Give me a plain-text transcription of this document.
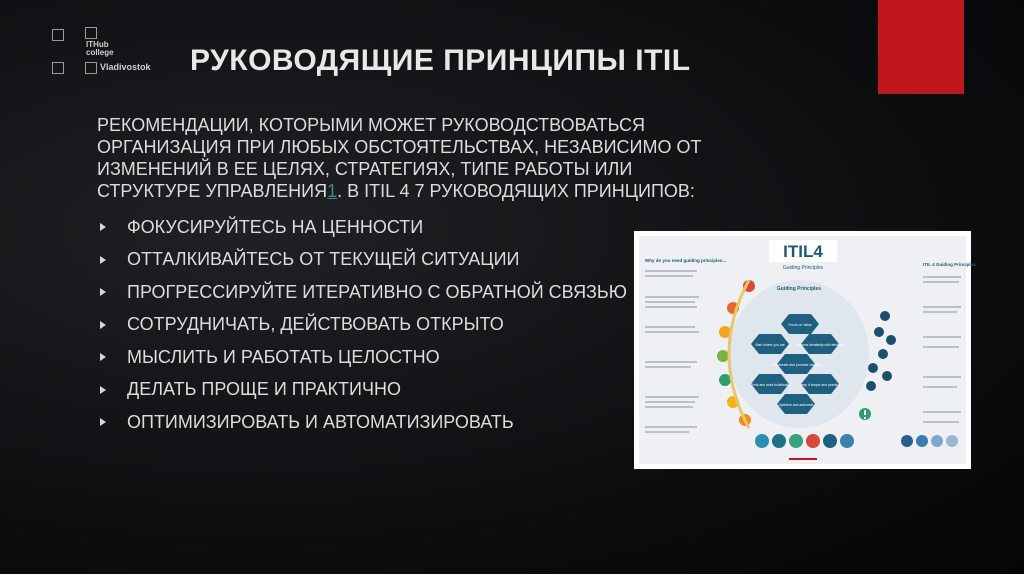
ITHub
college
Vladivostok РУКОВОДЯЩИЕ ПРИНЦИПЫ ITIL
РЕКОМЕНДАЦИИ, КОТОРЫМИ МОЖЕТ РУКОВОДСТВОВАТЬСЯ ОРГАНИЗАЦИЯ ПРИ ЛЮБЫХ ОБСТОЯТЕЛЬСТВАХ, НЕЗАВИСИМО ОТ ИЗМЕНЕНИЙ В ЕЕ ЦЕЛЯХ, СТРАТЕГИЯХ, ТИПЕ РАБОТЫ ИЛИ СТРУКТУРЕ УПРАВЛЕНИЯ1. В ITIL 4 7 РУКОВОДЯЩИХ ПРИНЦИПОВ:
ФОКУСИРУЙТЕСЬ НА ЦЕННОСТИ
ОТТАЛКИВАЙТЕСЬ ОТ ТЕКУЩЕЙ СИТУАЦИИ
ПРОГРЕССИРУЙТЕ ИТЕРАТИВНО С ОБРАТНОЙ СВЯЗЬЮ
СОТРУДНИЧАТЬ, ДЕЙСТВОВАТЬ ОТКРЫТО
МЫСЛИТЬ И РАБОТАТЬ ЦЕЛОСТНО
ДЕЛАТЬ ПРОЩЕ И ПРАКТИЧНО
ОПТИМИЗИРОВАТЬ И АВТОМАТИЗИРОВАТЬ
ITIL4
Guiding Principles
Why do you need guiding principles...
ITIL 4 Guiding Principles
Guiding Principles
Focus on Value
Start where you are	Progress iteratively with feedback
Collaborate and promote visibility
Think and work holistically	Keep it simple and practical
Optimize and automate
